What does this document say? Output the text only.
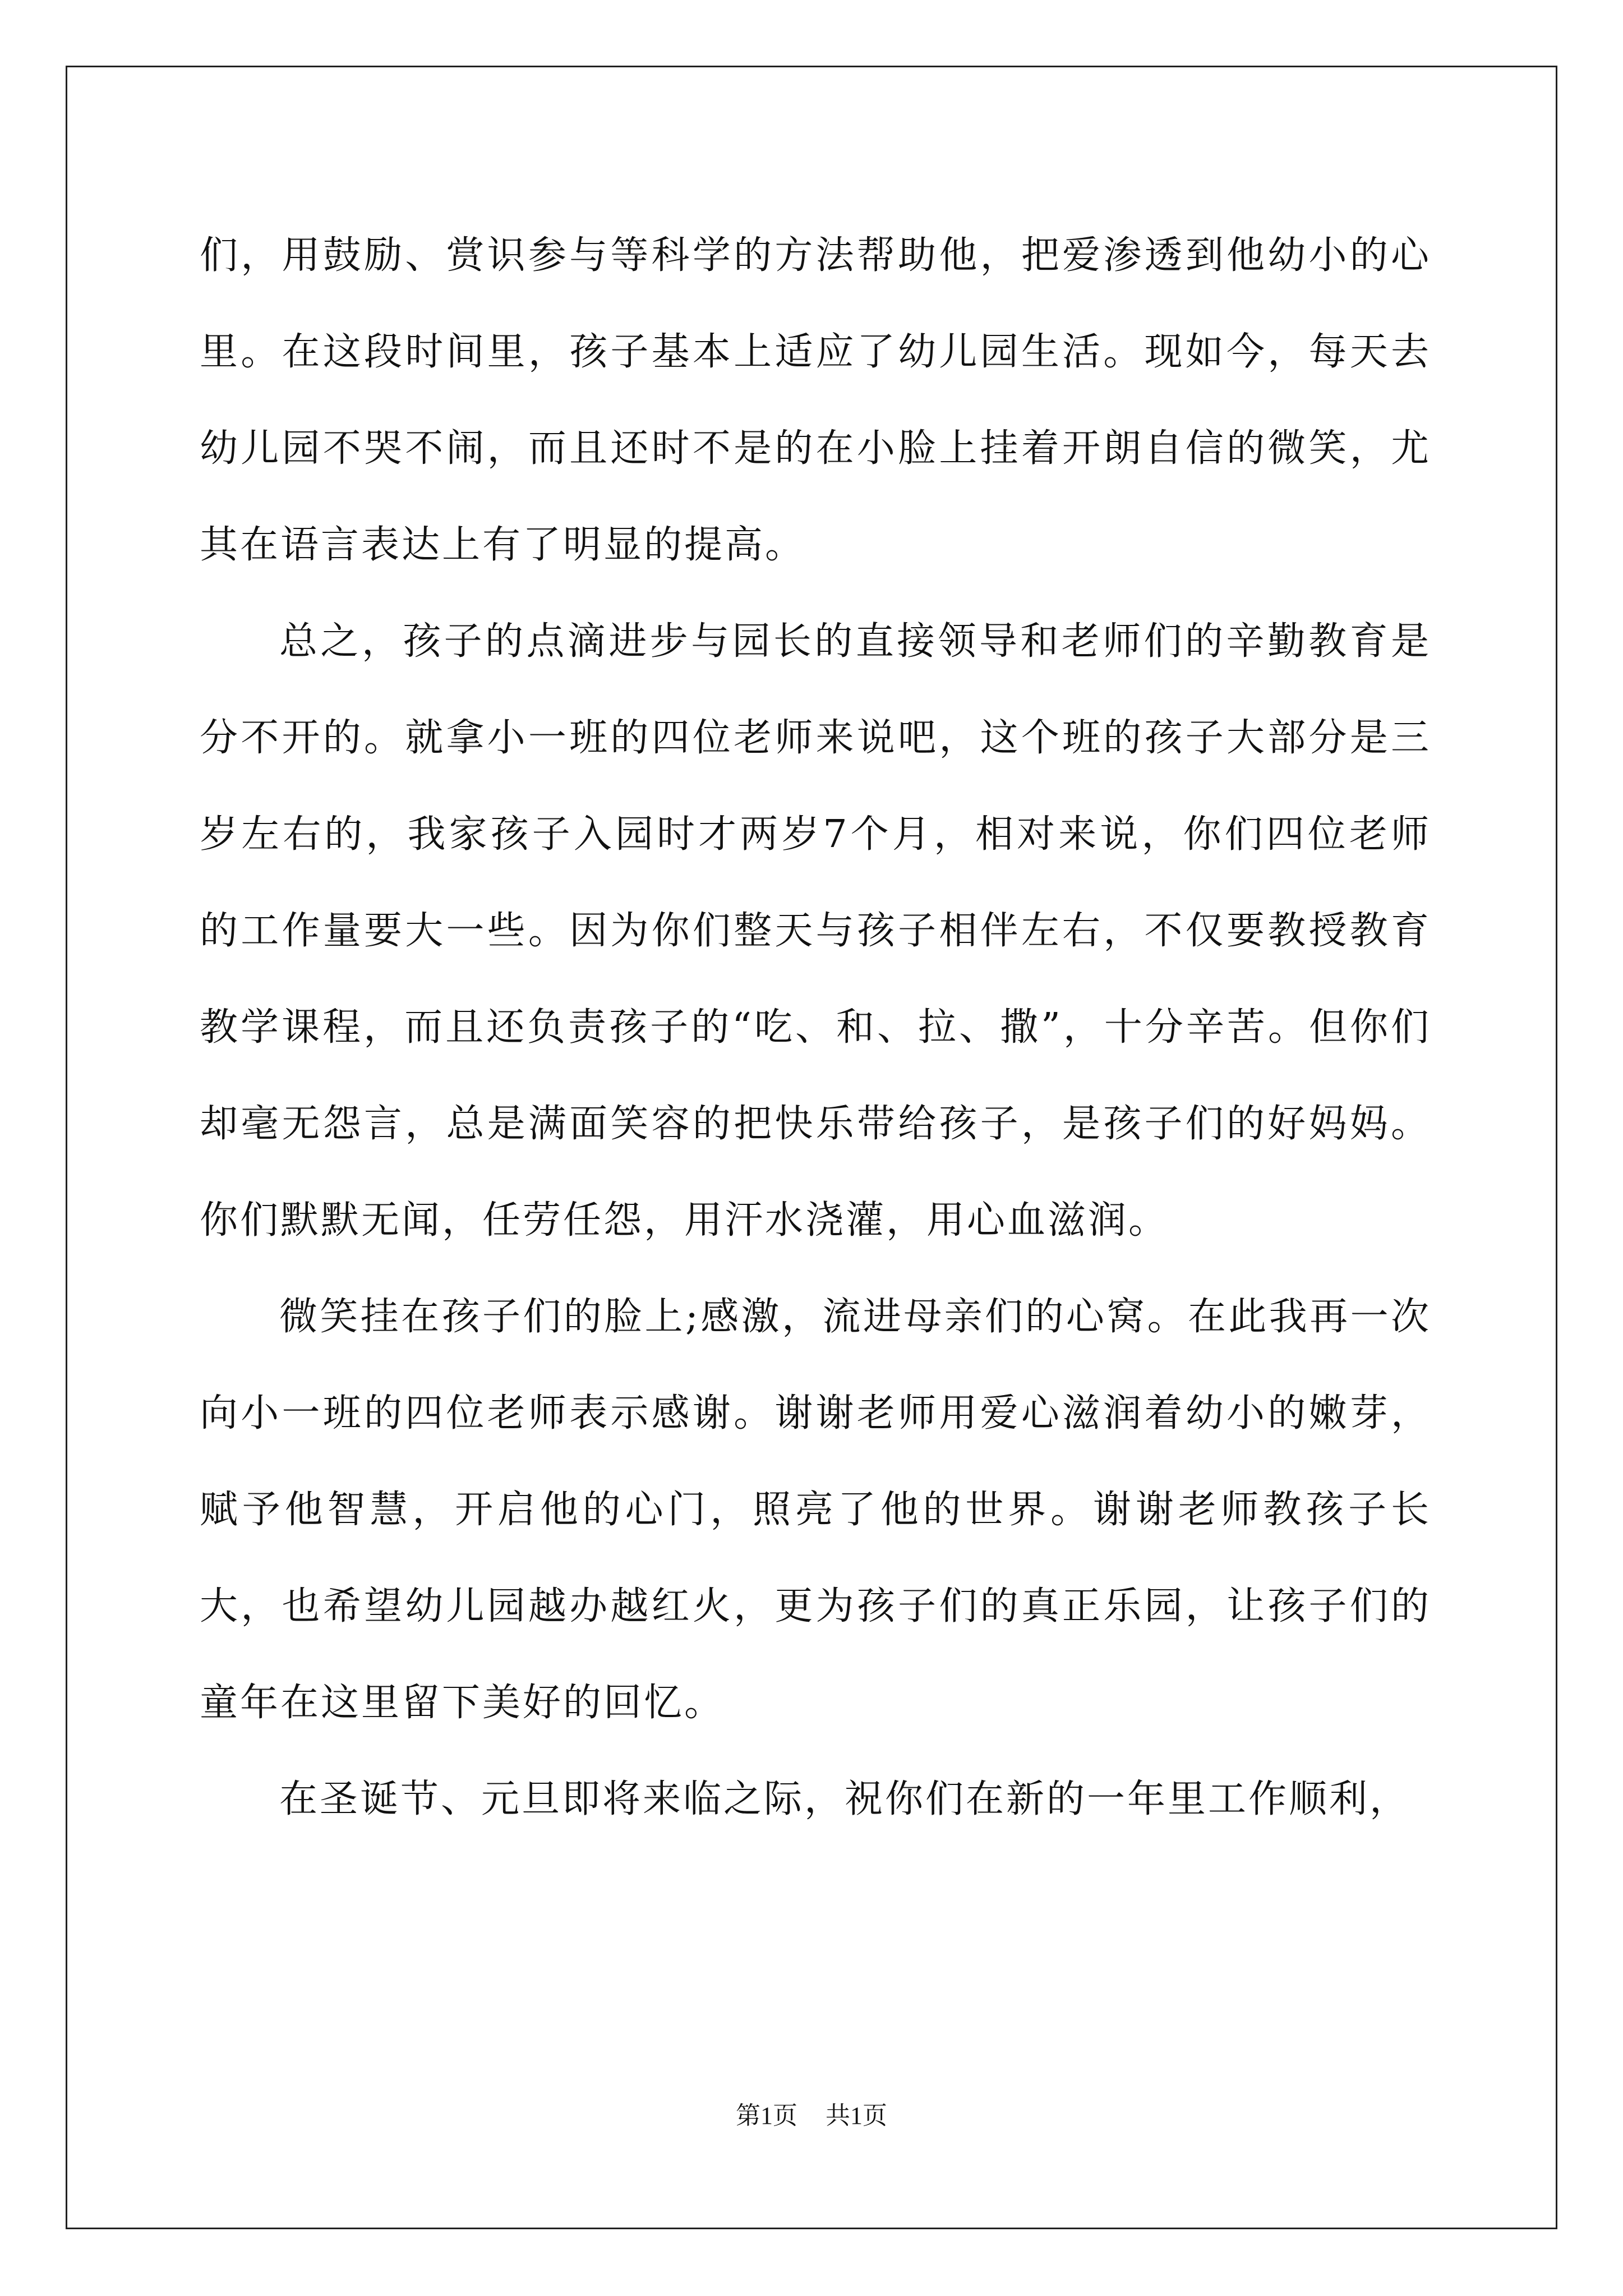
们，用鼓励、赏识参与等科学的方法帮助他，把爱渗透到他幼小的心里。在这段时间里，孩子基本上适应了幼儿园生活。现如今，每天去幼儿园不哭不闹，而且还时不是的在小脸上挂着开朗自信的微笑，尤其在语言表达上有了明显的提高。

总之，孩子的点滴进步与园长的直接领导和老师们的辛勤教育是分不开的。就拿小一班的四位老师来说吧，这个班的孩子大部分是三岁左右的，我家孩子入园时才两岁7个月，相对来说，你们四位老师的工作量要大一些。因为你们整天与孩子相伴左右，不仅要教授教育教学课程，而且还负责孩子的“吃、和、拉、撒”，十分辛苦。但你们却毫无怨言，总是满面笑容的把快乐带给孩子，是孩子们的好妈妈。你们默默无闻，任劳任怨，用汗水浇灌，用心血滋润。

微笑挂在孩子们的脸上;感激，流进母亲们的心窝。在此我再一次向小一班的四位老师表示感谢。谢谢老师用爱心滋润着幼小的嫩芽，赋予他智慧，开启他的心门，照亮了他的世界。谢谢老师教孩子长大，也希望幼儿园越办越红火，更为孩子们的真正乐园，让孩子们的童年在这里留下美好的回忆。

在圣诞节、元旦即将来临之际，祝你们在新的一年里工作顺利，

第1页 共1页
